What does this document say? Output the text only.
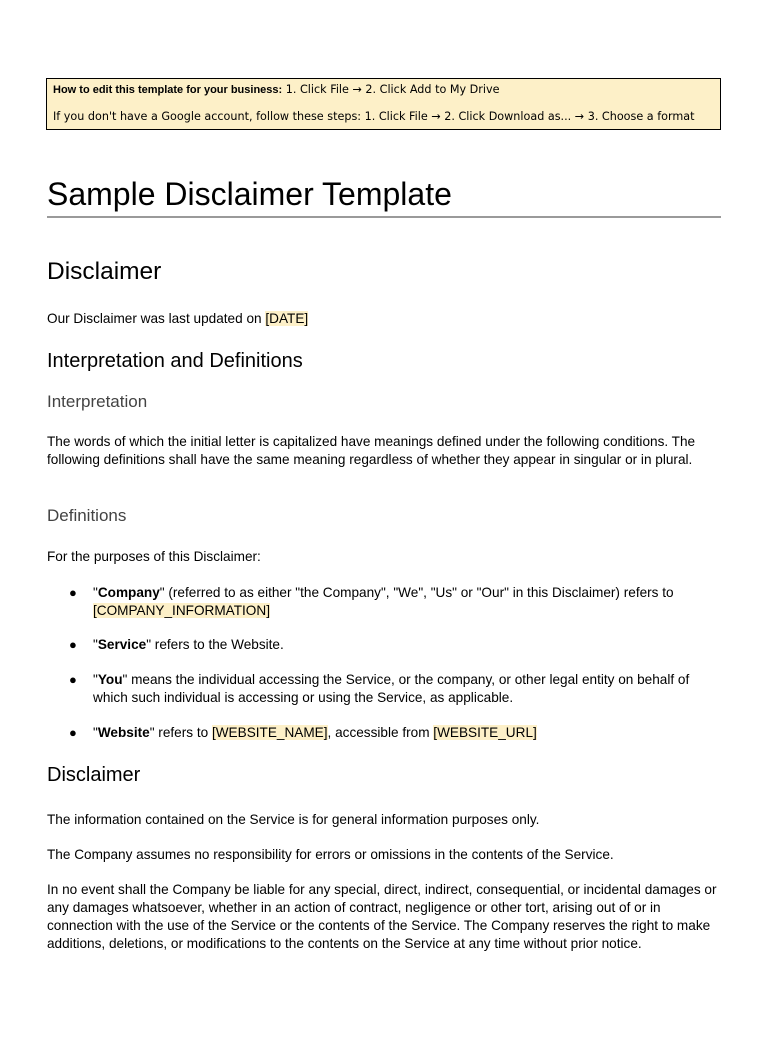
How to edit this template for your business: 1. Click File → 2. Click Add to My Drive

If you don't have a Google account, follow these steps: 1. Click File → 2. Click Download as... → 3. Choose a format

Sample Disclaimer Template
Disclaimer

Our Disclaimer was last updated on [DATE]

Interpretation and Definitions
Interpretation

The words of which the initial letter is capitalized have meanings defined under the following conditions. The following definitions shall have the same meaning regardless of whether they appear in singular or in plural.

Definitions

For the purposes of this Disclaimer:

● "Company" (referred to as either "the Company", "We", "Us" or "Our" in this Disclaimer) refers to [COMPANY_INFORMATION]
● "Service" refers to the Website.
● "You" means the individual accessing the Service, or the company, or other legal entity on behalf of which such individual is accessing or using the Service, as applicable.
● "Website" refers to [WEBSITE_NAME], accessible from [WEBSITE_URL]
Disclaimer

The information contained on the Service is for general information purposes only.

The Company assumes no responsibility for errors or omissions in the contents of the Service.

In no event shall the Company be liable for any special, direct, indirect, consequential, or incidental damages or any damages whatsoever, whether in an action of contract, negligence or other tort, arising out of or in connection with the use of the Service or the contents of the Service. The Company reserves the right to make additions, deletions, or modifications to the contents on the Service at any time without prior notice.
